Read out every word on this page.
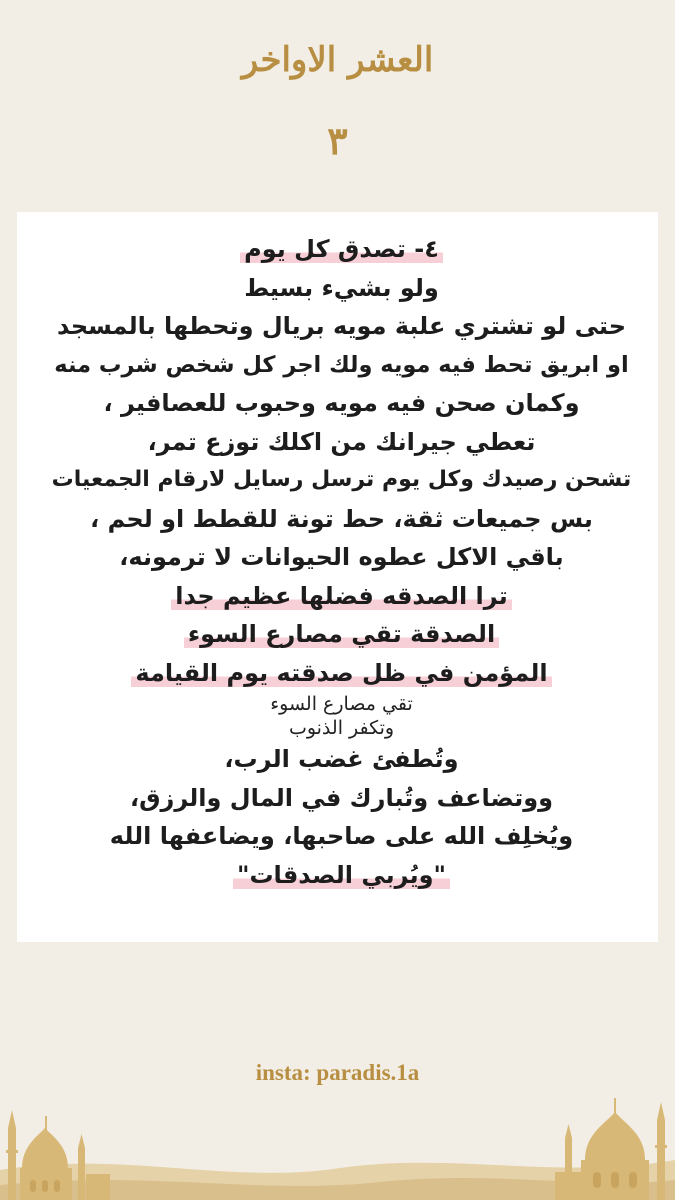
العشر الاواخر
٣
٤- تصدق كل يوم
ولو بشيء بسيط
حتى لو تشتري علبة مويه بريال وتحطها بالمسجد
او ابريق تحط فيه مويه ولك اجر كل شخص شرب منه
وكمان صحن فيه مويه وحبوب للعصافير ،
تعطي جيرانك من اكلك توزع تمر،
تشحن رصيدك وكل يوم ترسل رسايل لارقام الجمعيات
بس جميعات ثقة، حط تونة للقطط او لحم ،
باقي الاكل عطوه الحيوانات لا ترمونه،
ترا الصدقه فضلها عظيم جدا
الصدقة تقي مصارع السوء
المؤمن في ظل صدقته يوم القيامة
تقي مصارع السوء
وتكفر الذنوب
وتُطفئ غضب الرب،
ووتضاعف وتُبارك في المال والرزق،
ويُخلِف الله على صاحبها، ويضاعفها الله
"ويُربي الصدقات"
insta: paradis.1a
